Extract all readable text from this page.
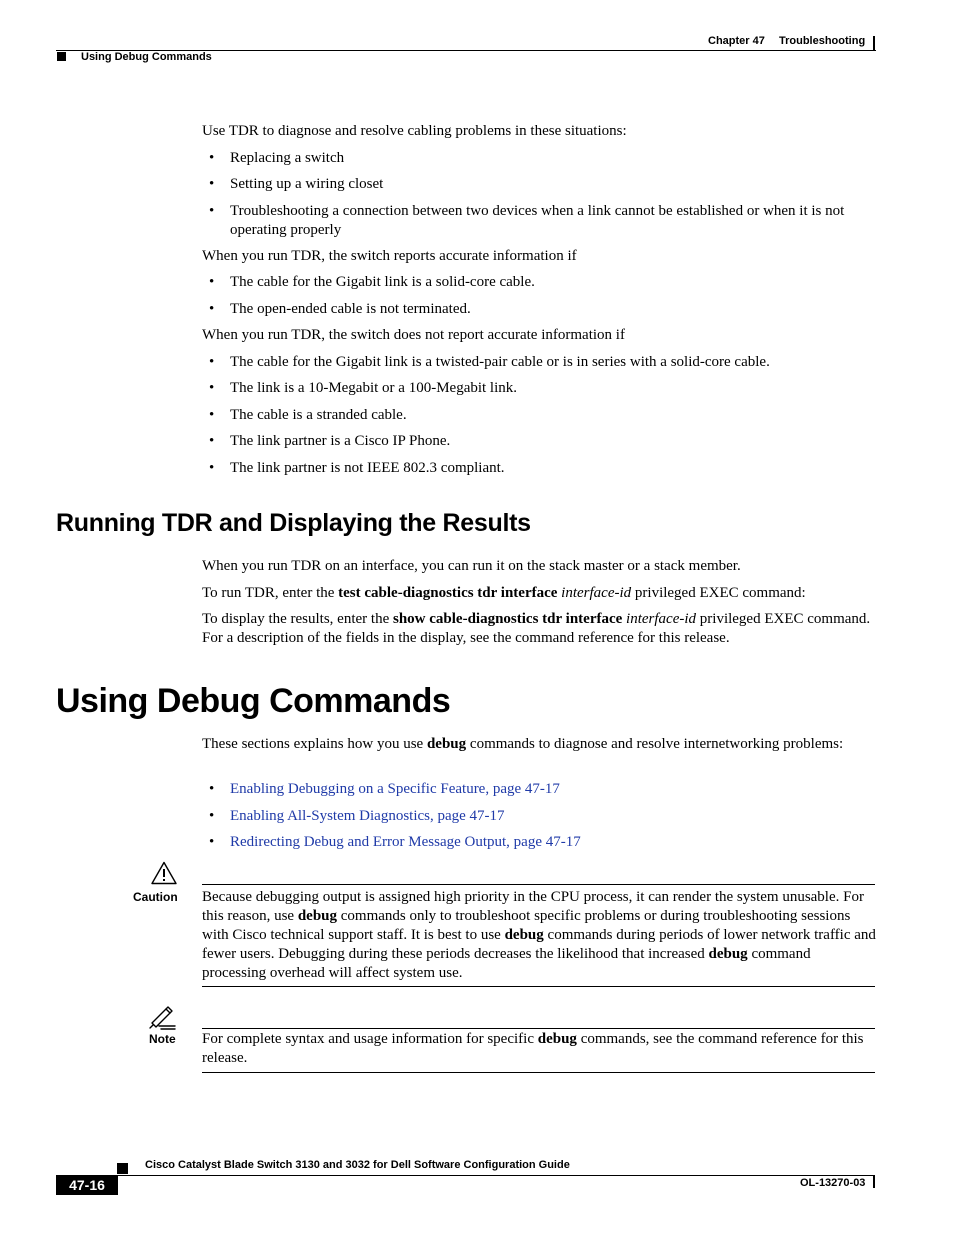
Chapter 47 Troubleshooting
Using Debug Commands
Use TDR to diagnose and resolve cabling problems in these situations:
• Replacing a switch
• Setting up a wiring closet
• Troubleshooting a connection between two devices when a link cannot be established or when it is not operating properly
When you run TDR, the switch reports accurate information if
• The cable for the Gigabit link is a solid-core cable.
• The open-ended cable is not terminated.
When you run TDR, the switch does not report accurate information if
• The cable for the Gigabit link is a twisted-pair cable or is in series with a solid-core cable.
• The link is a 10-Megabit or a 100-Megabit link.
• The cable is a stranded cable.
• The link partner is a Cisco IP Phone.
• The link partner is not IEEE 802.3 compliant.
Running TDR and Displaying the Results
When you run TDR on an interface, you can run it on the stack master or a stack member.
To run TDR, enter the test cable-diagnostics tdr interface interface-id privileged EXEC command:
To display the results, enter the show cable-diagnostics tdr interface interface-id privileged EXEC command. For a description of the fields in the display, see the command reference for this release.
Using Debug Commands
These sections explains how you use debug commands to diagnose and resolve internetworking problems:
• Enabling Debugging on a Specific Feature, page 47-17
• Enabling All-System Diagnostics, page 47-17
• Redirecting Debug and Error Message Output, page 47-17
Caution Because debugging output is assigned high priority in the CPU process, it can render the system unusable. For this reason, use debug commands only to troubleshoot specific problems or during troubleshooting sessions with Cisco technical support staff. It is best to use debug commands during periods of lower network traffic and fewer users. Debugging during these periods decreases the likelihood that increased debug command processing overhead will affect system use.
Note For complete syntax and usage information for specific debug commands, see the command reference for this release.
Cisco Catalyst Blade Switch 3130 and 3032 for Dell Software Configuration Guide
47-16	OL-13270-03
